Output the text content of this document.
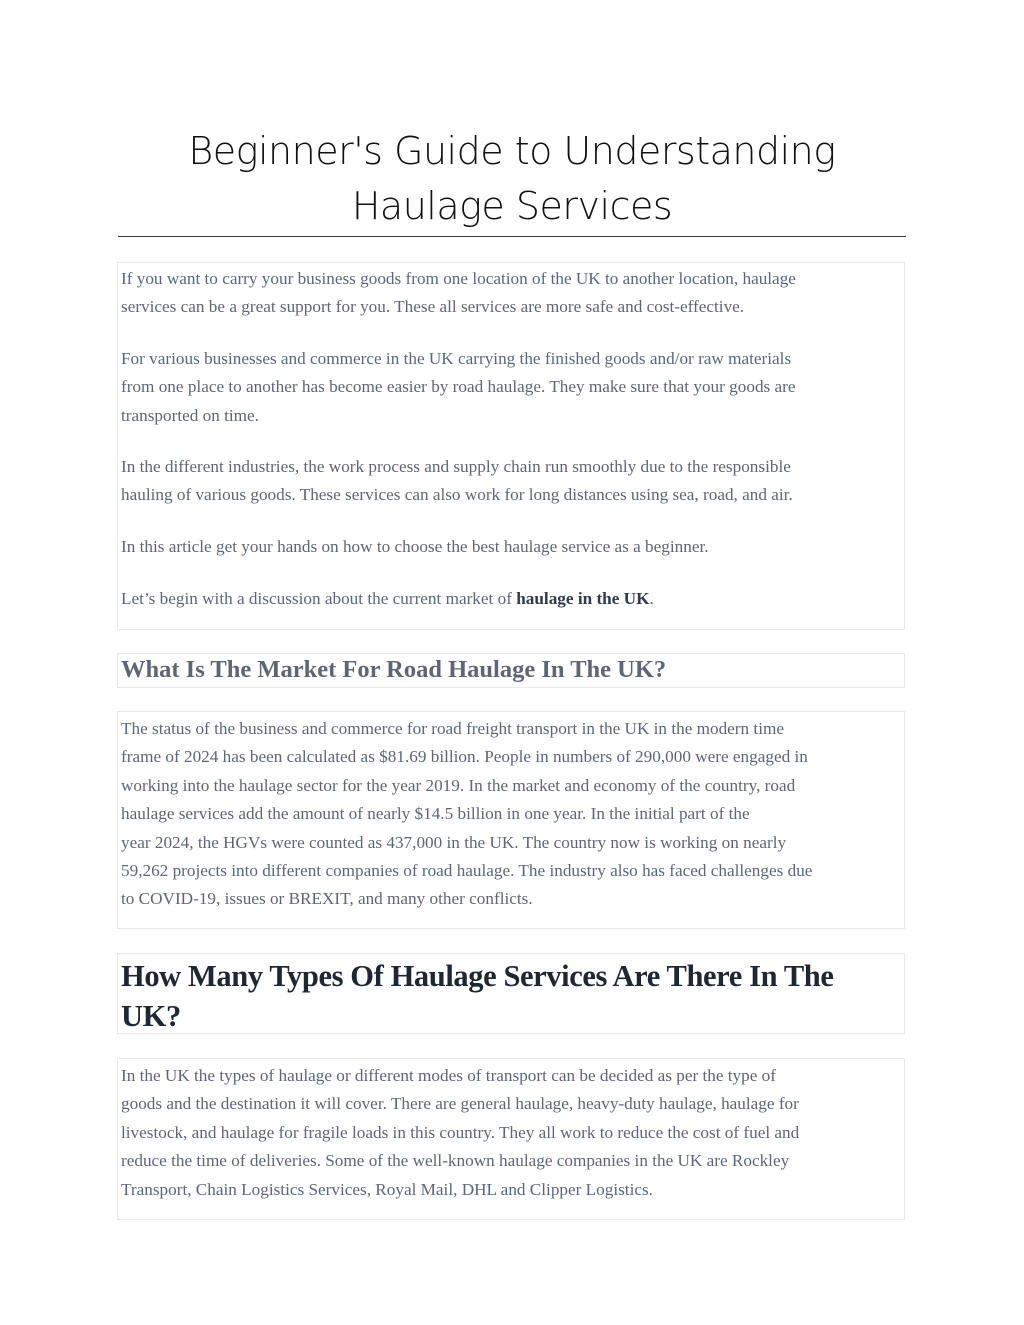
Beginner's Guide to Understanding
Haulage Services

If you want to carry your business goods from one location of the UK to another location, haulage
services can be a great support for you. These all services are more safe and cost-effective.

For various businesses and commerce in the UK carrying the finished goods and/or raw materials
from one place to another has become easier by road haulage. They make sure that your goods are
transported on time.

In the different industries, the work process and supply chain run smoothly due to the responsible
hauling of various goods. These services can also work for long distances using sea, road, and air.

In this article get your hands on how to choose the best haulage service as a beginner.

Let’s begin with a discussion about the current market of haulage in the UK.

What Is The Market For Road Haulage In The UK?

The status of the business and commerce for road freight transport in the UK in the modern time
frame of 2024 has been calculated as $81.69 billion. People in numbers of 290,000 were engaged in
working into the haulage sector for the year 2019. In the market and economy of the country, road
haulage services add the amount of nearly $14.5 billion in one year. In the initial part of the
year 2024, the HGVs were counted as 437,000 in the UK. The country now is working on nearly
59,262 projects into different companies of road haulage. The industry also has faced challenges due
to COVID-19, issues or BREXIT, and many other conflicts.

How Many Types Of Haulage Services Are There In The
UK?

In the UK the types of haulage or different modes of transport can be decided as per the type of
goods and the destination it will cover. There are general haulage, heavy-duty haulage, haulage for
livestock, and haulage for fragile loads in this country. They all work to reduce the cost of fuel and
reduce the time of deliveries. Some of the well-known haulage companies in the UK are Rockley
Transport, Chain Logistics Services, Royal Mail, DHL and Clipper Logistics.
